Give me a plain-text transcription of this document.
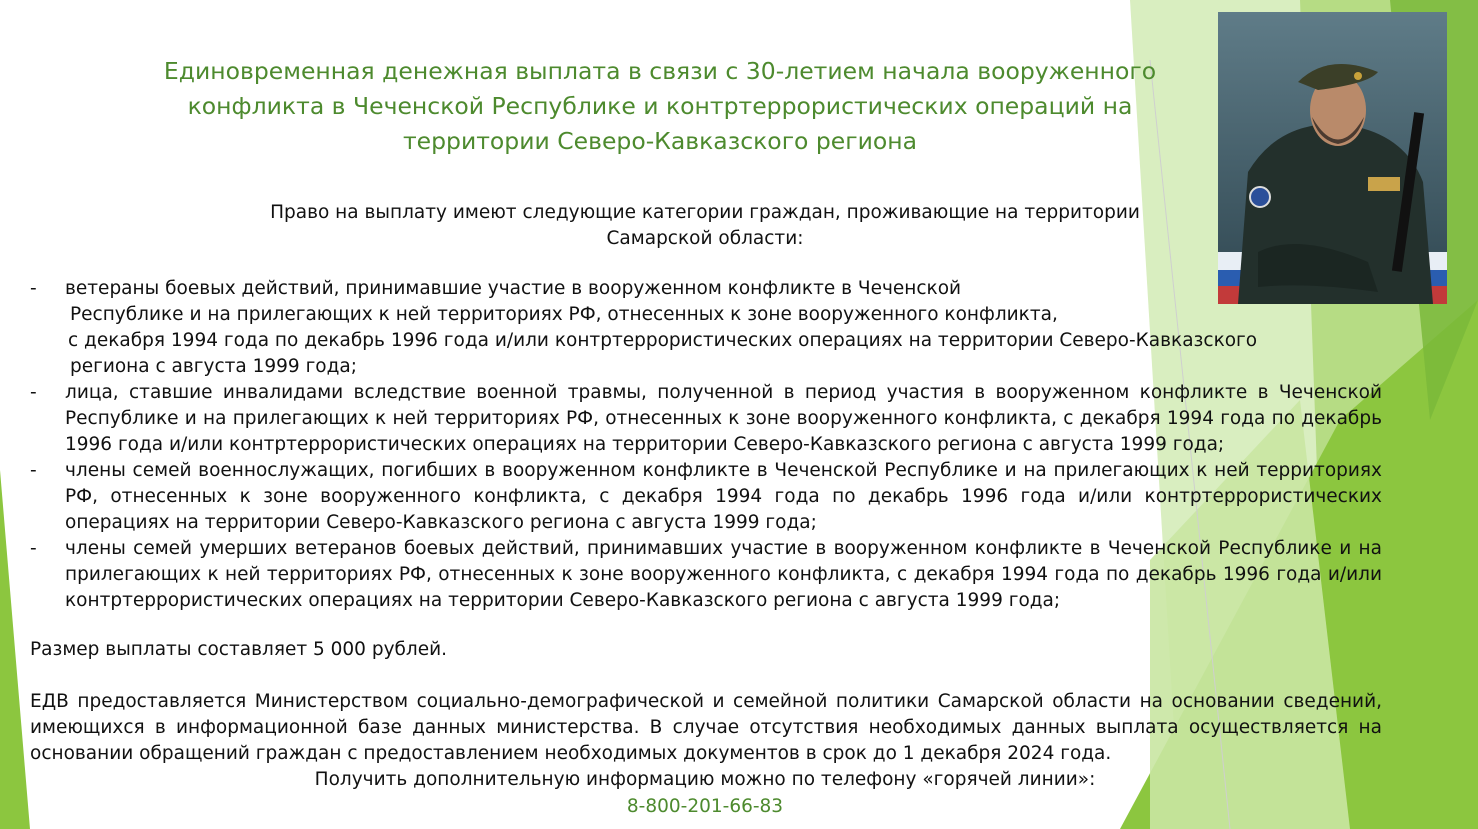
Единовременная денежная выплата в связи с 30-летием начала вооруженного
конфликта в Чеченской Республике и контртеррористических операций на
территории Северо-Кавказского региона
Право на выплату имеют следующие категории граждан, проживающие на территории
Самарской области:
- ветераны боевых действий, принимавшие участие в вооруженном конфликте в Чеченской
Республике и на прилегающих к ней территориях РФ, отнесенных к зоне вооруженного конфликта,
с декабря 1994 года по декабрь 1996 года и/или контртеррористических операциях на территории Северо-Кавказского
региона с августа 1999 года;
- лица, ставшие инвалидами вследствие военной травмы, полученной в период участия в вооруженном конфликте в Чеченской Республике и на прилегающих к ней территориях РФ, отнесенных к зоне вооруженного конфликта, с декабря 1994 года по декабрь 1996 года и/или контртеррористических операциях на территории Северо-Кавказского региона с августа 1999 года;
- члены семей военнослужащих, погибших в вооруженном конфликте в Чеченской Республике и на прилегающих к ней территориях РФ, отнесенных к зоне вооруженного конфликта, с декабря 1994 года по декабрь 1996 года и/или контртеррористических операциях на территории Северо-Кавказского региона с августа 1999 года;
- члены семей умерших ветеранов боевых действий, принимавших участие в вооруженном конфликте в Чеченской Республике и на прилегающих к ней территориях РФ, отнесенных к зоне вооруженного конфликта, с декабря 1994 года по декабрь 1996 года и/или контртеррористических операциях на территории Северо-Кавказского региона с августа 1999 года;
Размер выплаты составляет 5 000 рублей.
ЕДВ предоставляется Министерством социально-демографической и семейной политики Самарской области на основании сведений, имеющихся в информационной базе данных министерства. В случае отсутствия необходимых данных выплата осуществляется на основании обращений граждан с предоставлением необходимых документов в срок до 1 декабря 2024 года.
Получить дополнительную информацию можно по телефону «горячей линии»:
8-800-201-66-83
